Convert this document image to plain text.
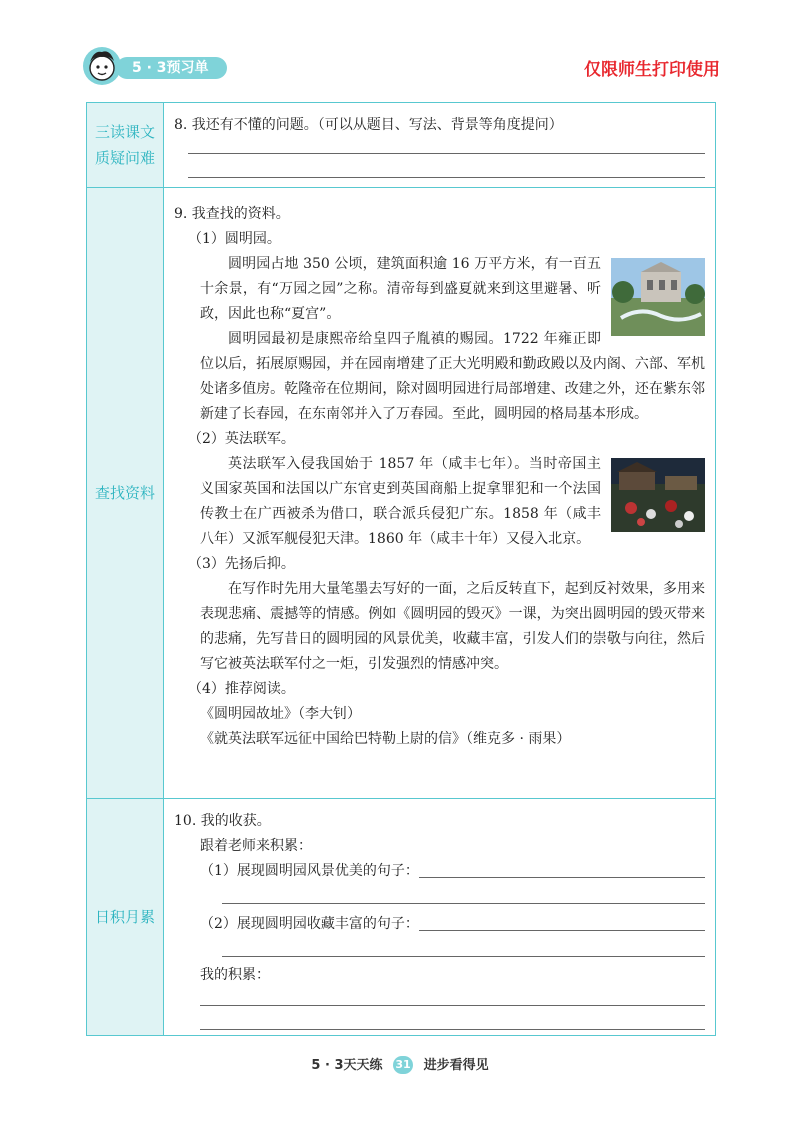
5 · 3预习单	仅限师生打印使用
三读课文
质疑问难
8. 我还有不懂的问题。（可以从题目、写法、背景等角度提问）
查找资料
9. 我查找的资料。
（1）圆明园。

圆明园占地 350 公顷，建筑面积逾 16 万平方米，有一百五十余景，有“万园之园”之称。清帝每到盛夏就来到这里避暑、听政，因此也称“夏宫”。

圆明园最初是康熙帝给皇四子胤禛的赐园。1722 年雍正即位以后，拓展原赐园，并在园南增建了正大光明殿和勤政殿以及内阁、六部、军机处诸多值房。乾隆帝在位期间，除对圆明园进行局部增建、改建之外，还在紫东邻新建了长春园，在东南邻并入了万春园。至此，圆明园的格局基本形成。

（2）英法联军。

英法联军入侵我国始于 1857 年（咸丰七年）。当时帝国主义国家英国和法国以广东官吏到英国商船上捉拿罪犯和一个法国传教士在广西被杀为借口，联合派兵侵犯广东。1858 年（咸丰八年）又派军舰侵犯天津。1860 年（咸丰十年）又侵入北京。

（3）先扬后抑。

在写作时先用大量笔墨去写好的一面，之后反转直下，起到反衬效果，多用来表现悲痛、震撼等的情感。例如《圆明园的毁灭》一课，为突出圆明园的毁灭带来的悲痛，先写昔日的圆明园的风景优美，收藏丰富，引发人们的崇敬与向往，然后写它被英法联军付之一炬，引发强烈的情感冲突。

（4）推荐阅读。
《圆明园故址》（李大钊）
《就英法联军远征中国给巴特勒上尉的信》（维克多 · 雨果）
日积月累
10. 我的收获。
跟着老师来积累：
（1）展现圆明园风景优美的句子：
（2）展现圆明园收藏丰富的句子：
我的积累：
5 · 3天天练 31 进步看得见
